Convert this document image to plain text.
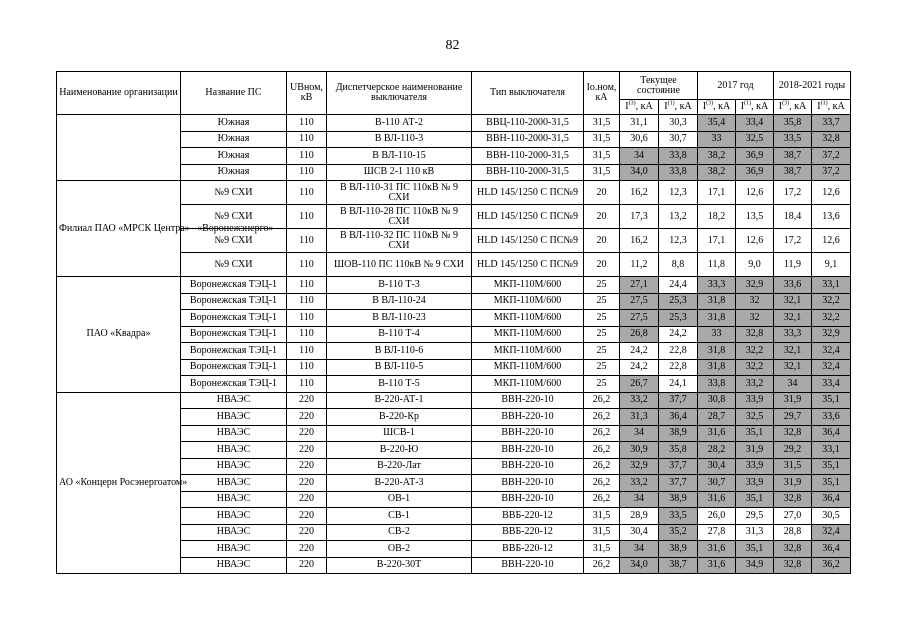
82
Наименование организации	Название ПС	UВном, кВ	Диспетчерское наименование выключателя	Тип выключателя	Iо.ном, кА	Текущее состояние		2017 год		2018-2021 годы	
						$I^{(3)}$, кА	$I^{(1)}$, кА	$I^{(3)}$, кА	$I^{(1)}$, кА	$I^{(3)}$, кА	$I^{(1)}$, кА
	Южная	110	В-110 АТ-2	ВВЦ-110-2000-31,5	31,5	31,1	30,3	35,4	33,4	35,8	33,7
	Южная	110	В ВЛ-110-3	ВВН-110-2000-31,5	31,5	30,6	30,7	33	32,5	33,5	32,8
	Южная	110	В ВЛ-110-15	ВВН-110-2000-31,5	31,5	34	33,8	38,2	36,9	38,7	37,2
	Южная	110	ШСВ 2-1 110 кВ	ВВН-110-2000-31,5	31,5	34,0	33,8	38,2	36,9	38,7	37,2
Филиал ПАО «МРСК Центра»– «Воронежэнерго»	№9 СХИ	110	В ВЛ-110-31 ПС 110кВ № 9 СХИ	HLD 145/1250 C ПС№9	20	16,2	12,3	17,1	12,6	17,2	12,6
	№9 СХИ	110	В ВЛ-110-28 ПС 110кВ № 9 СХИ	HLD 145/1250 C ПС№9	20	17,3	13,2	18,2	13,5	18,4	13,6
	№9 СХИ	110	В ВЛ-110-32 ПС 110кВ № 9 СХИ	HLD 145/1250 C ПС№9	20	16,2	12,3	17,1	12,6	17,2	12,6
	№9 СХИ	110	ШОВ-110 ПС 110кВ № 9 СХИ	HLD 145/1250 C ПС№9	20	11,2	8,8	11,8	9,0	11,9	9,1
ПАО «Квадра»	Воронежская ТЭЦ-1	110	В-110 Т-3	МКП-110М/600	25	27,1	24,4	33,3	32,9	33,6	33,1
	Воронежская ТЭЦ-1	110	В ВЛ-110-24	МКП-110М/600	25	27,5	25,3	31,8	32	32,1	32,2
	Воронежская ТЭЦ-1	110	В ВЛ-110-23	МКП-110М/600	25	27,5	25,3	31,8	32	32,1	32,2
	Воронежская ТЭЦ-1	110	В-110 Т-4	МКП-110М/600	25	26,8	24,2	33	32,8	33,3	32,9
	Воронежская ТЭЦ-1	110	В ВЛ-110-6	МКП-110М/600	25	24,2	22,8	31,8	32,2	32,1	32,4
	Воронежская ТЭЦ-1	110	В ВЛ-110-5	МКП-110М/600	25	24,2	22,8	31,8	32,2	32,1	32,4
	Воронежская ТЭЦ-1	110	В-110 Т-5	МКП-110М/600	25	26,7	24,1	33,8	33,2	34	33,4
АО «Концерн Росэнергоатом»	НВАЭС	220	В-220-АТ-1	ВВН-220-10	26,2	33,2	37,7	30,8	33,9	31,9	35,1
	НВАЭС	220	В-220-Кр	ВВН-220-10	26,2	31,3	36,4	28,7	32,5	29,7	33,6
	НВАЭС	220	ШСВ-1	ВВН-220-10	26,2	34	38,9	31,6	35,1	32,8	36,4
	НВАЭС	220	В-220-Ю	ВВН-220-10	26,2	30,9	35,8	28,2	31,9	29,2	33,1
	НВАЭС	220	В-220-Лат	ВВН-220-10	26,2	32,9	37,7	30,4	33,9	31,5	35,1
	НВАЭС	220	В-220-АТ-3	ВВН-220-10	26,2	33,2	37,7	30,7	33,9	31,9	35,1
	НВАЭС	220	ОВ-1	ВВН-220-10	26,2	34	38,9	31,6	35,1	32,8	36,4
	НВАЭС	220	СВ-1	ВВБ-220-12	31,5	28,9	33,5	26,0	29,5	27,0	30,5
	НВАЭС	220	СВ-2	ВВБ-220-12	31,5	30,4	35,2	27,8	31,3	28,8	32,4
	НВАЭС	220	ОВ-2	ВВБ-220-12	31,5	34	38,9	31,6	35,1	32,8	36,4
	НВАЭС	220	В-220-30Т	ВВН-220-10	26,2	34,0	38,7	31,6	34,9	32,8	36,2
